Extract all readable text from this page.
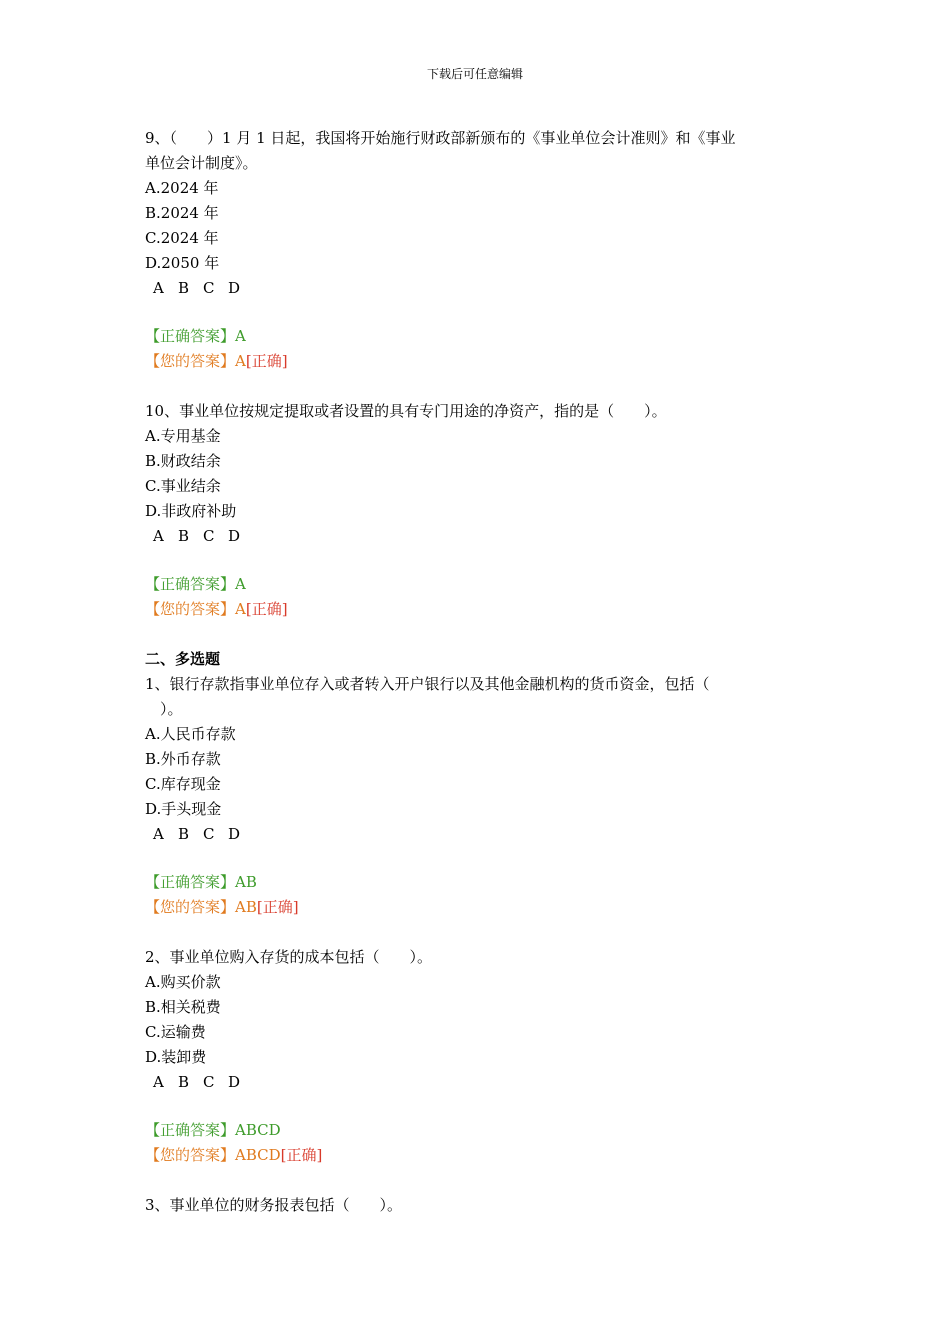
下载后可任意编辑
9、（　　）1 月 1 日起，我国将开始施行财政部新颁布的《事业单位会计准则》和《事业
单位会计制度》。
A.2024 年
B.2024 年
C.2024 年
D.2050 年
A B C D
【正确答案】A
【您的答案】A[正确]
10、事业单位按规定提取或者设置的具有专门用途的净资产，指的是（　　）。
A.专用基金
B.财政结余
C.事业结余
D.非政府补助
A B C D
【正确答案】A
【您的答案】A[正确]
二、多选题
1、银行存款指事业单位存入或者转入开户银行以及其他金融机构的货币资金，包括（
　）。
A.人民币存款
B.外币存款
C.库存现金
D.手头现金
A B C D
【正确答案】AB
【您的答案】AB[正确]
2、事业单位购入存货的成本包括（　　）。
A.购买价款
B.相关税费
C.运输费
D.装卸费
A B C D
【正确答案】ABCD
【您的答案】ABCD[正确]
3、事业单位的财务报表包括（　　）。
